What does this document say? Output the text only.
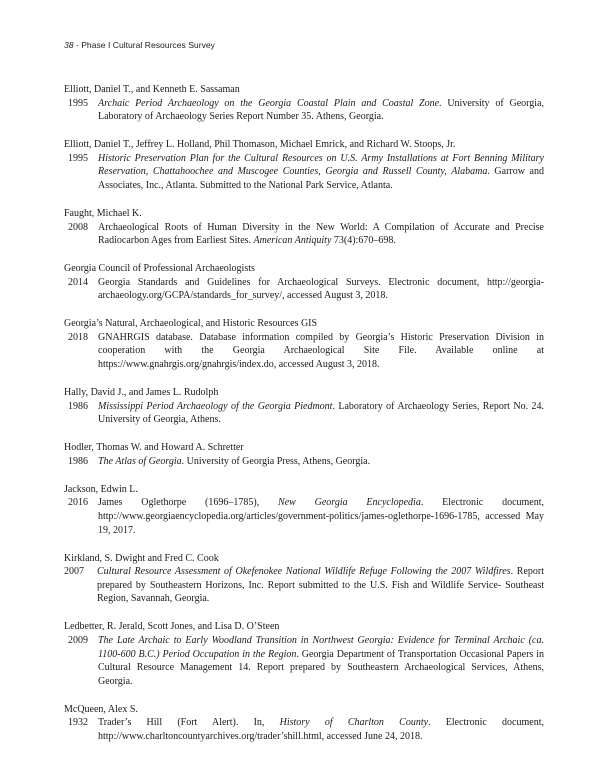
38 - Phase I Cultural Resources Survey
Elliott, Daniel T., and Kenneth E. Sassaman
1995 Archaic Period Archaeology on the Georgia Coastal Plain and Coastal Zone. University of Georgia, Laboratory of Archaeology Series Report Number 35. Athens, Georgia.
Elliott, Daniel T., Jeffrey L. Holland, Phil Thomason, Michael Emrick, and Richard W. Stoops, Jr.
1995 Historic Preservation Plan for the Cultural Resources on U.S. Army Installations at Fort Benning Military Reservation, Chattahoochee and Muscogee Counties, Georgia and Russell County, Alabama. Garrow and Associates, Inc., Atlanta. Submitted to the National Park Service, Atlanta.
Faught, Michael K.
2008 Archaeological Roots of Human Diversity in the New World: A Compilation of Accurate and Precise Radiocarbon Ages from Earliest Sites. American Antiquity 73(4):670–698.
Georgia Council of Professional Archaeologists
2014 Georgia Standards and Guidelines for Archaeological Surveys. Electronic document, http://georgia-archaeology.org/GCPA/standards_for_survey/, accessed August 3, 2018.
Georgia’s Natural, Archaeological, and Historic Resources GIS
2018 GNAHRGIS database. Database information compiled by Georgia’s Historic Preservation Division in cooperation with the Georgia Archaeological Site File. Available online at https://www.gnahrgis.org/gnahrgis/index.do, accessed August 3, 2018.
Hally, David J., and James L. Rudolph
1986 Mississippi Period Archaeology of the Georgia Piedmont. Laboratory of Archaeology Series, Report No. 24. University of Georgia, Athens.
Hodler, Thomas W. and Howard A. Schretter
1986 The Atlas of Georgia. University of Georgia Press, Athens, Georgia.
Jackson, Edwin L.
2016 James Oglethorpe (1696–1785), New Georgia Encyclopedia. Electronic document, http://www.georgiaencyclopedia.org/articles/government-politics/james-oglethorpe-1696-1785, accessed May 19, 2017.
Kirkland, S. Dwight and Fred C. Cook
2007 Cultural Resource Assessment of Okefenokee National Wildlife Refuge Following the 2007 Wildfires. Report prepared by Southeastern Horizons, Inc. Report submitted to the U.S. Fish and Wildlife Service- Southeast Region, Savannah, Georgia.
Ledbetter, R. Jerald, Scott Jones, and Lisa D. O’Steen
2009 The Late Archaic to Early Woodland Transition in Northwest Georgia: Evidence for Terminal Archaic (ca. 1100-600 B.C.) Period Occupation in the Region. Georgia Department of Transportation Occasional Papers in Cultural Resource Management 14. Report prepared by Southeastern Archaeological Services, Athens, Georgia.
McQueen, Alex S.
1932 Trader’s Hill (Fort Alert). In, History of Charlton County. Electronic document, http://www.charltoncountyarchives.org/trader’shill.html, accessed June 24, 2018.
